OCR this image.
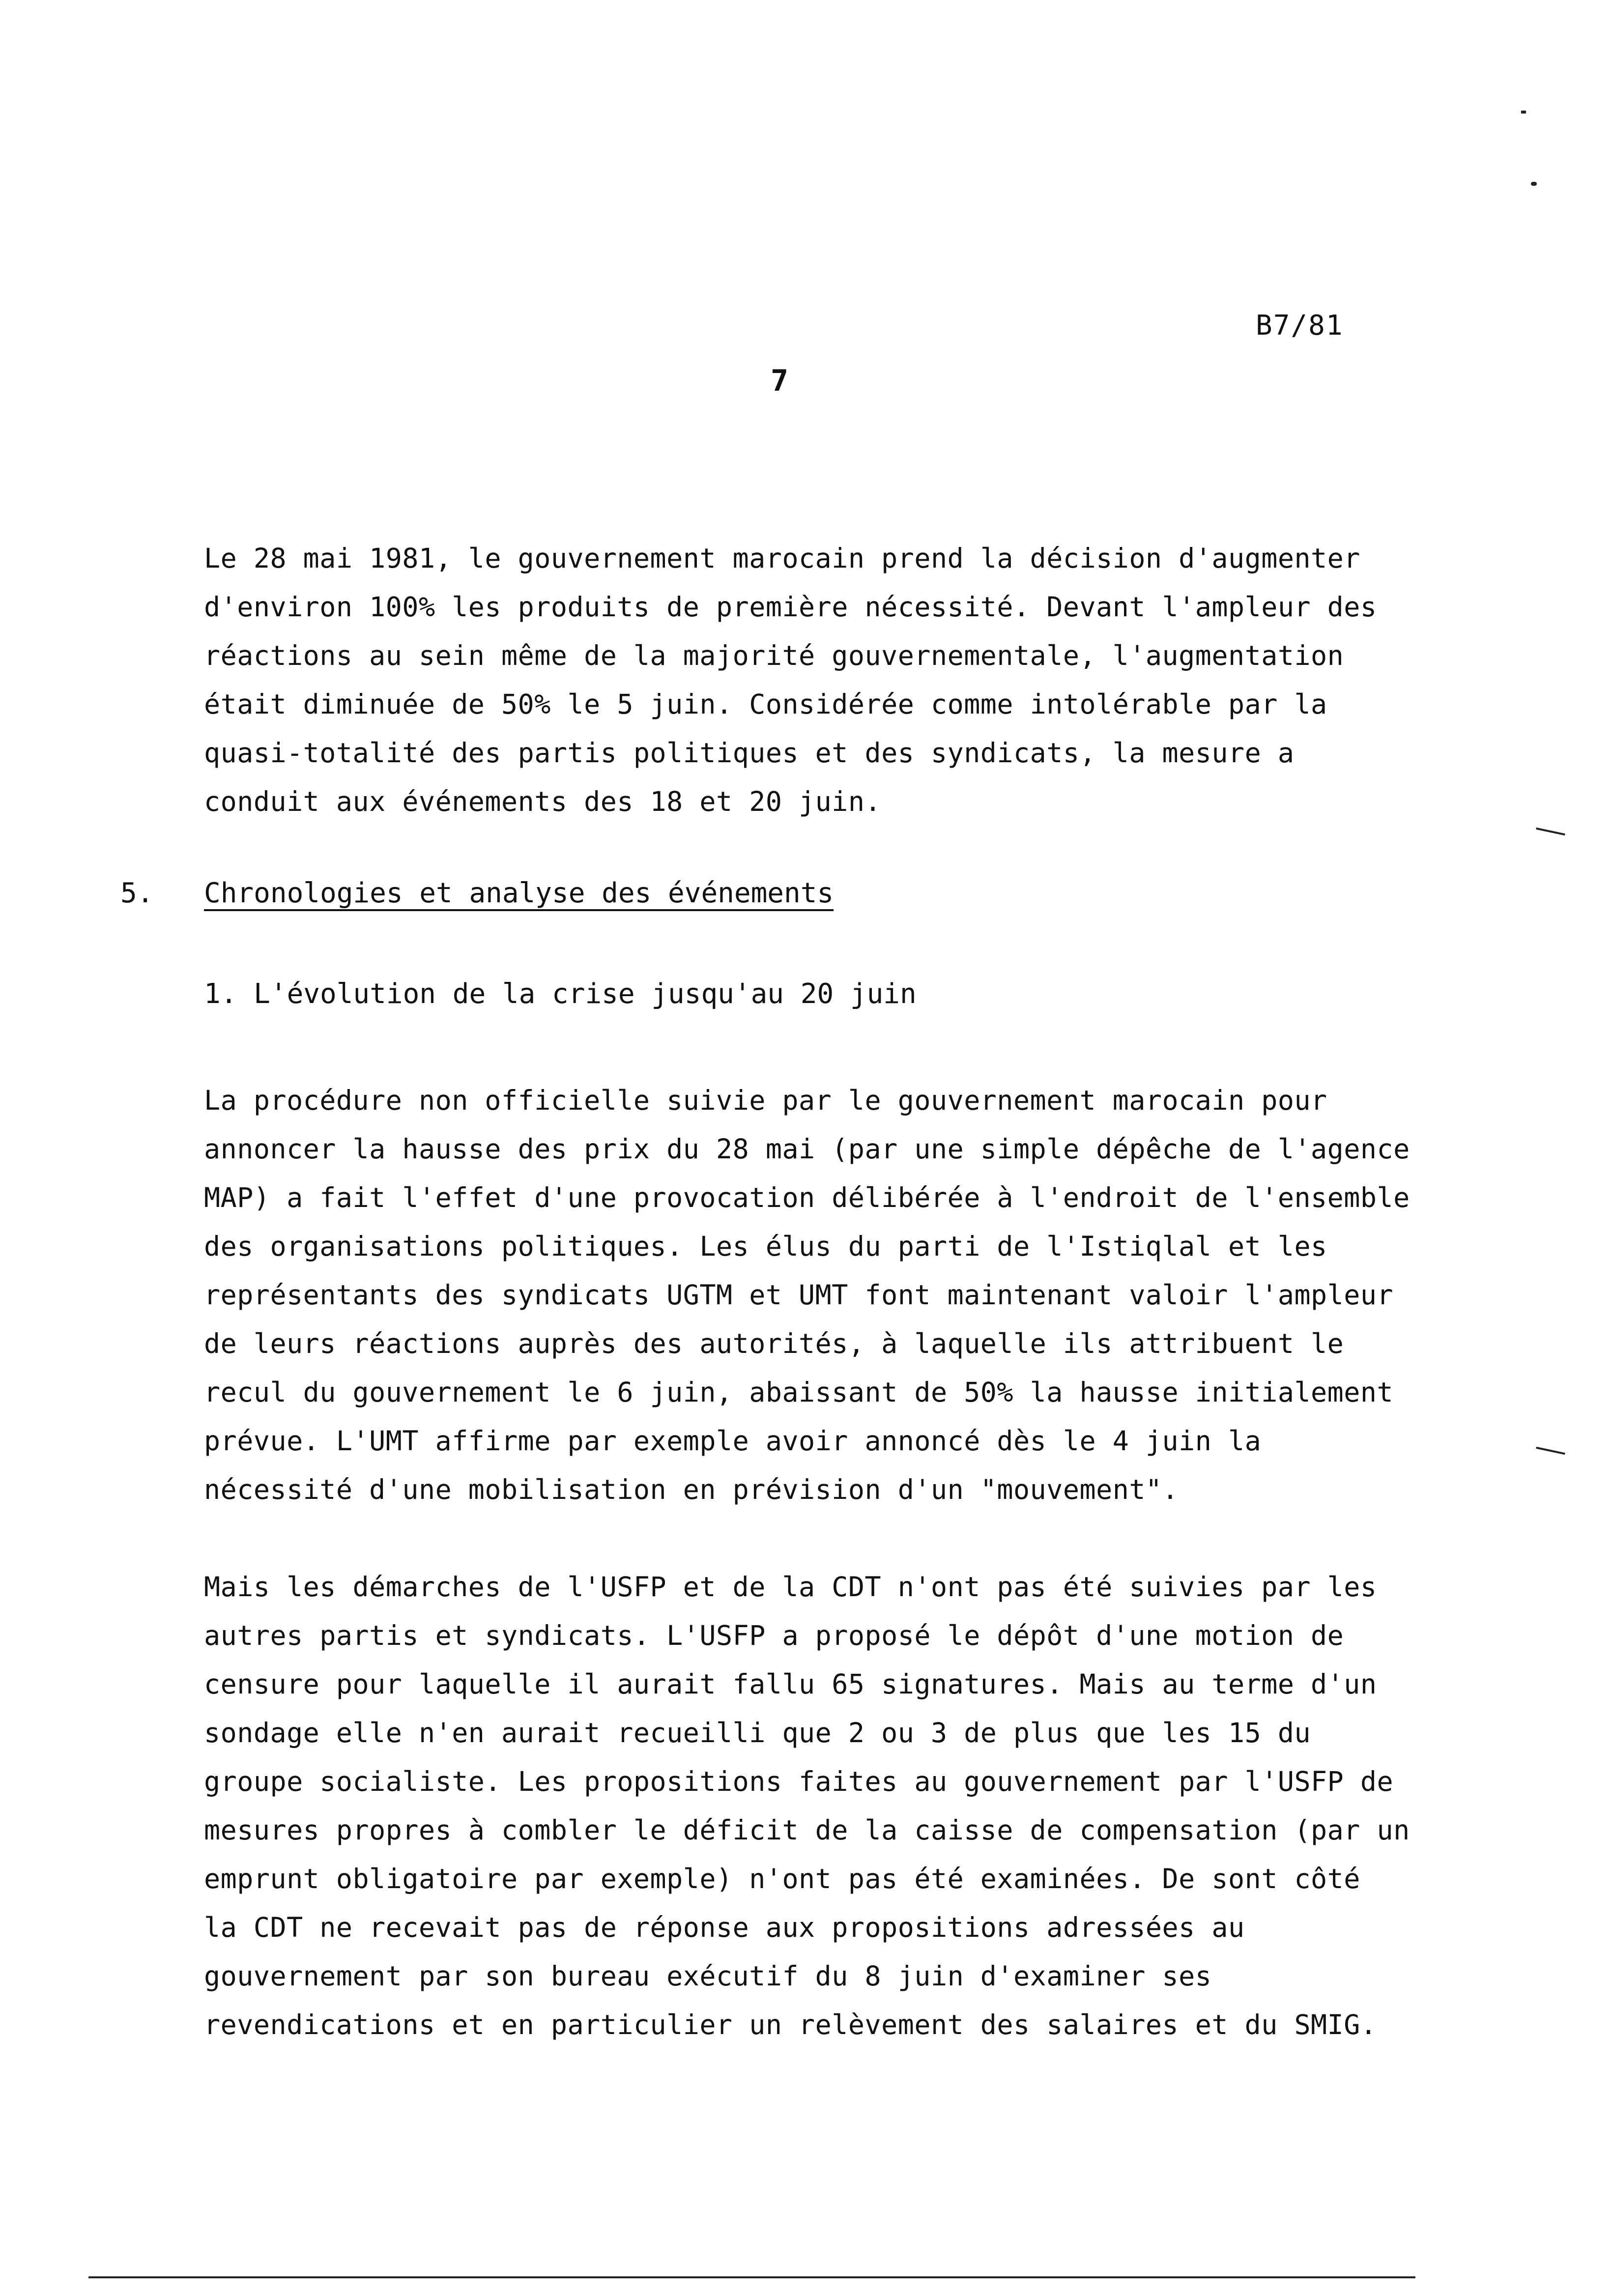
B7/81
7

Le 28 mai 1981, le gouvernement marocain prend la décision d'augmenter
d'environ 100% les produits de première nécessité. Devant l'ampleur des
réactions au sein même de la majorité gouvernementale, l'augmentation
était diminuée de 50% le 5 juin. Considérée comme intolérable par la
quasi-totalité des partis politiques et des syndicats, la mesure a
conduit aux événements des 18 et 20 juin.

5. Chronologies et analyse des événements
1. L'évolution de la crise jusqu'au 20 juin

La procédure non officielle suivie par le gouvernement marocain pour
annoncer la hausse des prix du 28 mai (par une simple dépêche de l'agence
MAP) a fait l'effet d'une provocation délibérée à l'endroit de l'ensemble
des organisations politiques. Les élus du parti de l'Istiqlal et les
représentants des syndicats UGTM et UMT font maintenant valoir l'ampleur
de leurs réactions auprès des autorités, à laquelle ils attribuent le
recul du gouvernement le 6 juin, abaissant de 50% la hausse initialement
prévue. L'UMT affirme par exemple avoir annoncé dès le 4 juin la
nécessité d'une mobilisation en prévision d'un "mouvement".

Mais les démarches de l'USFP et de la CDT n'ont pas été suivies par les
autres partis et syndicats. L'USFP a proposé le dépôt d'une motion de
censure pour laquelle il aurait fallu 65 signatures. Mais au terme d'un
sondage elle n'en aurait recueilli que 2 ou 3 de plus que les 15 du
groupe socialiste. Les propositions faites au gouvernement par l'USFP de
mesures propres à combler le déficit de la caisse de compensation (par un
emprunt obligatoire par exemple) n'ont pas été examinées. De sont côté
la CDT ne recevait pas de réponse aux propositions adressées au
gouvernement par son bureau exécutif du 8 juin d'examiner ses
revendications et en particulier un relèvement des salaires et du SMIG.
